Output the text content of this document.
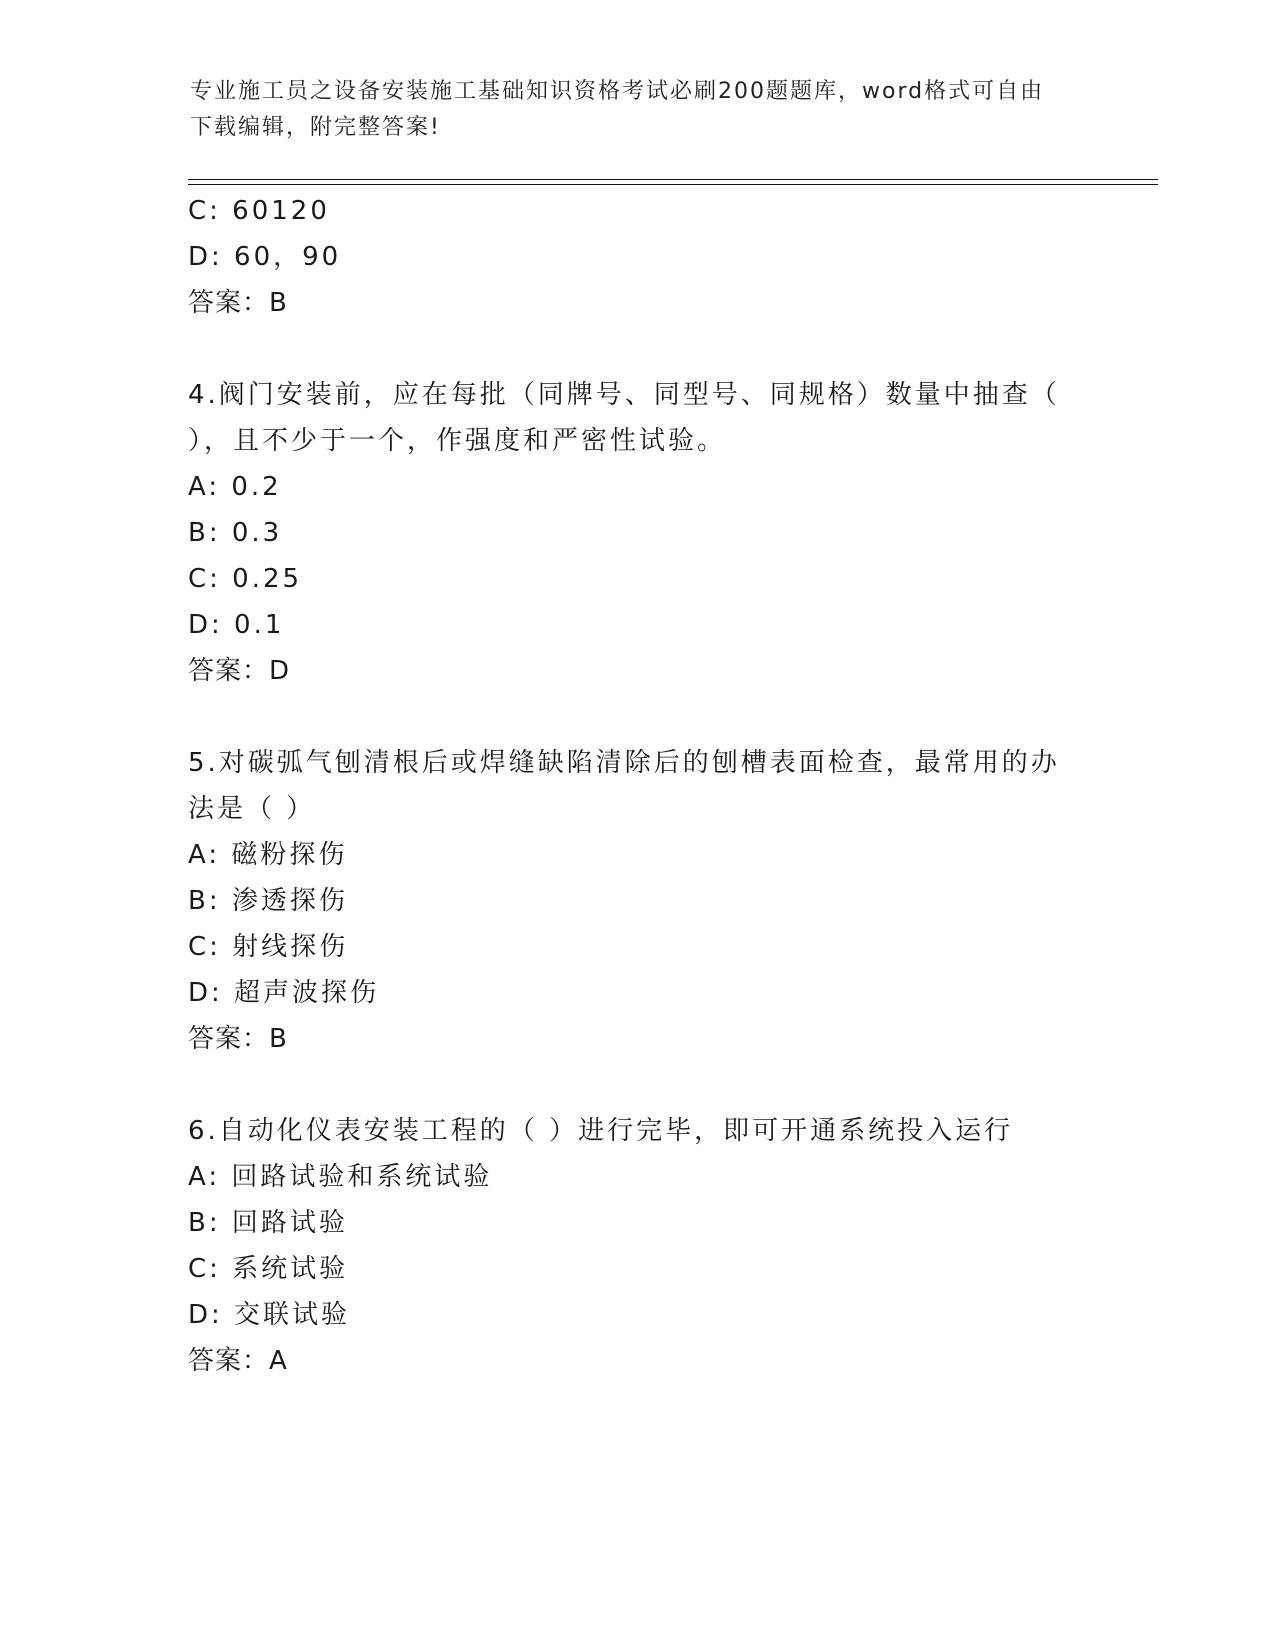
专业施工员之设备安装施工基础知识资格考试必刷200题题库，word格式可自由
下载编辑，附完整答案!
C: 60120
D: 60，90
答案：B
4.阀门安装前，应在每批（同牌号、同型号、同规格）数量中抽查（
），且不少于一个，作强度和严密性试验。
A: 0.2
B: 0.3
C: 0.25
D: 0.1
答案：D
5.对碳弧气刨清根后或焊缝缺陷清除后的刨槽表面检查，最常用的办
法是（ ）
A: 磁粉探伤
B: 渗透探伤
C: 射线探伤
D: 超声波探伤
答案：B
6.自动化仪表安装工程的（ ）进行完毕，即可开通系统投入运行
A: 回路试验和系统试验
B: 回路试验
C: 系统试验
D: 交联试验
答案：A
